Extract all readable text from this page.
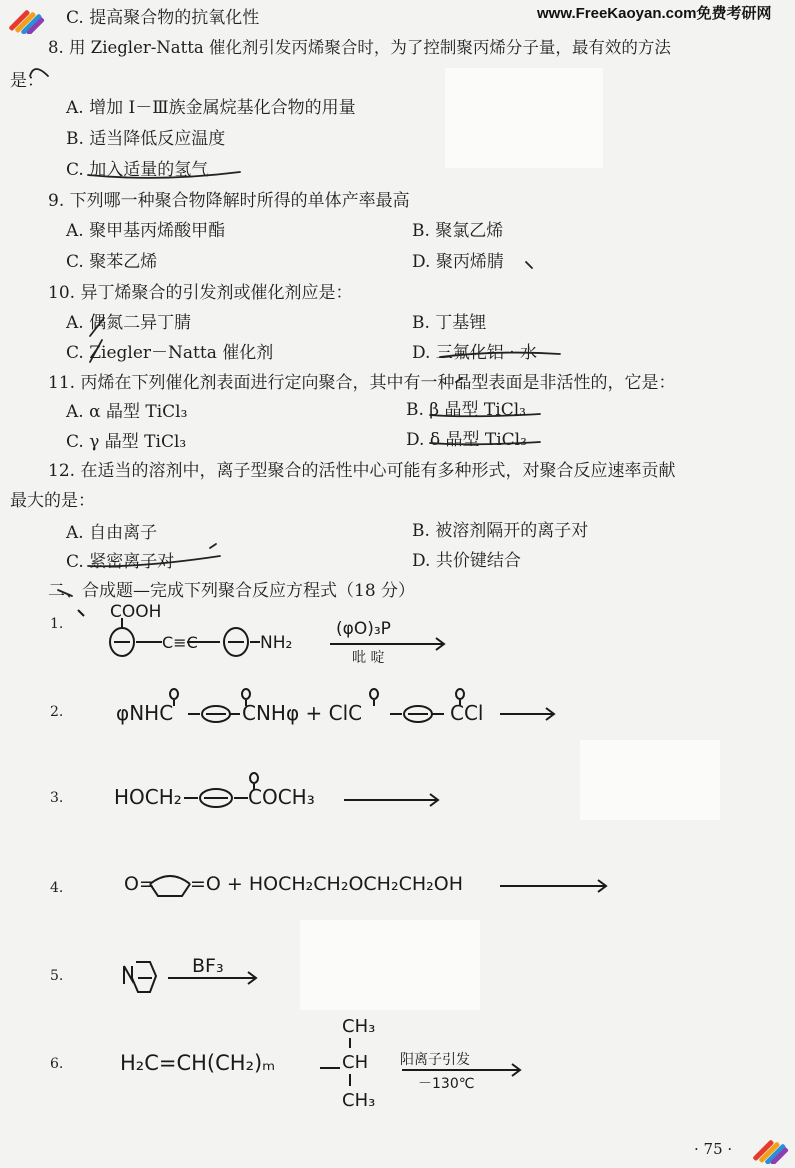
www.FreeKaoyan.com免费考研网
C. 提高聚合物的抗氧化性
8. 用 Ziegler-Natta 催化剂引发丙烯聚合时，为了控制聚丙烯分子量，最有效的方法
是：
A. 增加 I－Ⅲ族金属烷基化合物的用量
B. 适当降低反应温度
C. 加入适量的氢气
9. 下列哪一种聚合物降解时所得的单体产率最高
A. 聚甲基丙烯酸甲酯	B. 聚氯乙烯
C. 聚苯乙烯	D. 聚丙烯腈
10. 异丁烯聚合的引发剂或催化剂应是：
A. 偶氮二异丁腈	B. 丁基锂
C. Ziegler－Natta 催化剂	D. 三氟化铝 · 水
11. 丙烯在下列催化剂表面进行定向聚合，其中有一种晶型表面是非活性的，它是：
A. α 晶型 TiCl₃	B. β 晶型 TiCl₃
C. γ 晶型 TiCl₃	D. δ 晶型 TiCl₃
12. 在适当的溶剂中，离子型聚合的活性中心可能有多种形式，对聚合反应速率贡献
最大的是：
A. 自由离子	B. 被溶剂隔开的离子对
C. 紧密离子对	D. 共价键结合
二、合成题—完成下列聚合反应方程式（18 分）
1.
COOH
C≡C	NH₂
(φO)₃P
吡 啶
2.	φNHC	CNHφ + ClC	CCl
3.	HOCH₂	COCH₃
4.	O= =O + HOCH₂CH₂OCH₂CH₂OH
5.	BF₃
6.	H₂C=CH(CH₂)ₘ
CH₃
CH
CH₃
阳离子引发
－130℃
· 75 ·
